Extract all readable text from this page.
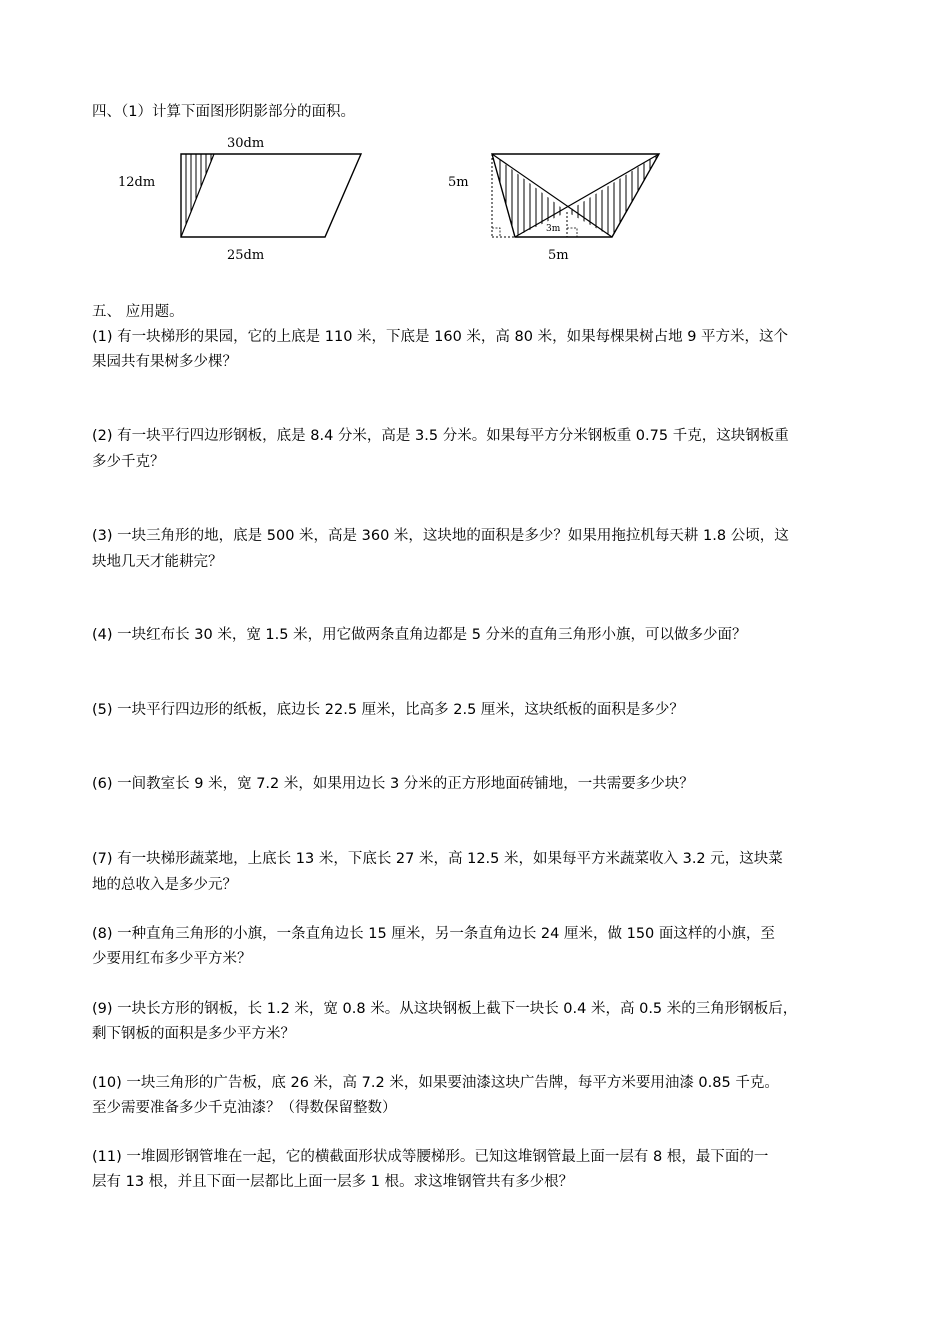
四、（1）计算下面图形阴影部分的面积。
30dm
12dm
25dm
5m
3m
5m
五、 应用题。
(1) 有一块梯形的果园，它的上底是 110 米，下底是 160 米，高 80 米，如果每棵果树占地 9 平方米，这个
果园共有果树多少棵？
(2) 有一块平行四边形钢板，底是 8.4 分米，高是 3.5 分米。如果每平方分米钢板重 0.75 千克，这块钢板重
多少千克？
(3) 一块三角形的地，底是 500 米，高是 360 米，这块地的面积是多少？如果用拖拉机每天耕 1.8 公顷，这
块地几天才能耕完？
(4) 一块红布长 30 米，宽 1.5 米，用它做两条直角边都是 5 分米的直角三角形小旗，可以做多少面？
(5) 一块平行四边形的纸板，底边长 22.5 厘米，比高多 2.5 厘米，这块纸板的面积是多少？
(6) 一间教室长 9 米，宽 7.2 米，如果用边长 3 分米的正方形地面砖铺地，一共需要多少块？
(7) 有一块梯形蔬菜地，上底长 13 米，下底长 27 米，高 12.5 米，如果每平方米蔬菜收入 3.2 元，这块菜
地的总收入是多少元？
(8) 一种直角三角形的小旗，一条直角边长 15 厘米，另一条直角边长 24 厘米，做 150 面这样的小旗，至
少要用红布多少平方米？
(9) 一块长方形的钢板，长 1.2 米，宽 0.8 米。从这块钢板上截下一块长 0.4 米，高 0.5 米的三角形钢板后，
剩下钢板的面积是多少平方米？
(10) 一块三角形的广告板，底 26 米，高 7.2 米，如果要油漆这块广告牌，每平方米要用油漆 0.85 千克。
至少需要准备多少千克油漆？（得数保留整数）
(11) 一堆圆形钢管堆在一起，它的横截面形状成等腰梯形。已知这堆钢管最上面一层有 8 根，最下面的一
层有 13 根，并且下面一层都比上面一层多 1 根。求这堆钢管共有多少根？
